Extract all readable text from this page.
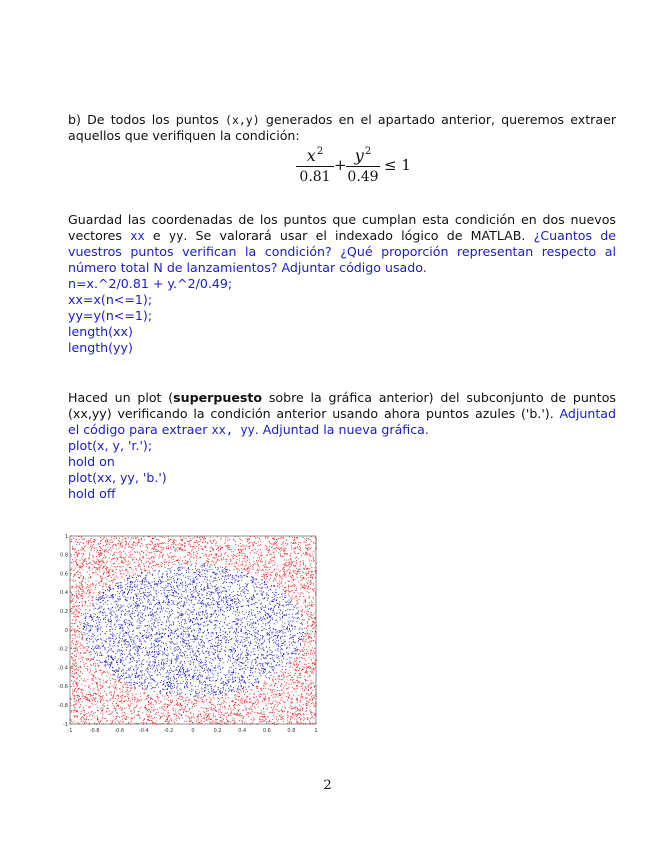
b) De todos los puntos (x,y) generados en el apartado anterior, queremos extraer
aquellos que verifiquen la condición:
$x^2$
0.81
+ $y^2$
0.49
≤ 1
Guardad las coordenadas de los puntos que cumplan esta condición en dos nuevos
vectores xx e yy. Se valorará usar el indexado lógico de MATLAB. ¿Cuantos de
vuestros puntos verifican la condición? ¿Qué proporción representan respecto al
número total N de lanzamientos? Adjuntar código usado.
n=x.^2/0.81 + y.^2/0.49;
xx=x(n<=1);
yy=y(n<=1);
length(xx)
length(yy)
Haced un plot (superpuesto sobre la gráfica anterior) del subconjunto de puntos
(xx,yy) verificando la condición anterior usando ahora puntos azules ('b.'). Adjuntad
el código para extraer xx, yy. Adjuntad la nueva gráfica.
plot(x, y, 'r.');
hold on
plot(xx, yy, 'b.')
hold off
-1	-0.8	-0.6	-0.4	-0.2	0	0.2	0.4	0.6	0.8	1
1
0.8
0.6
0.4
0.2
0
-0.2
-0.4
-0.6
-0.8
-1
2
